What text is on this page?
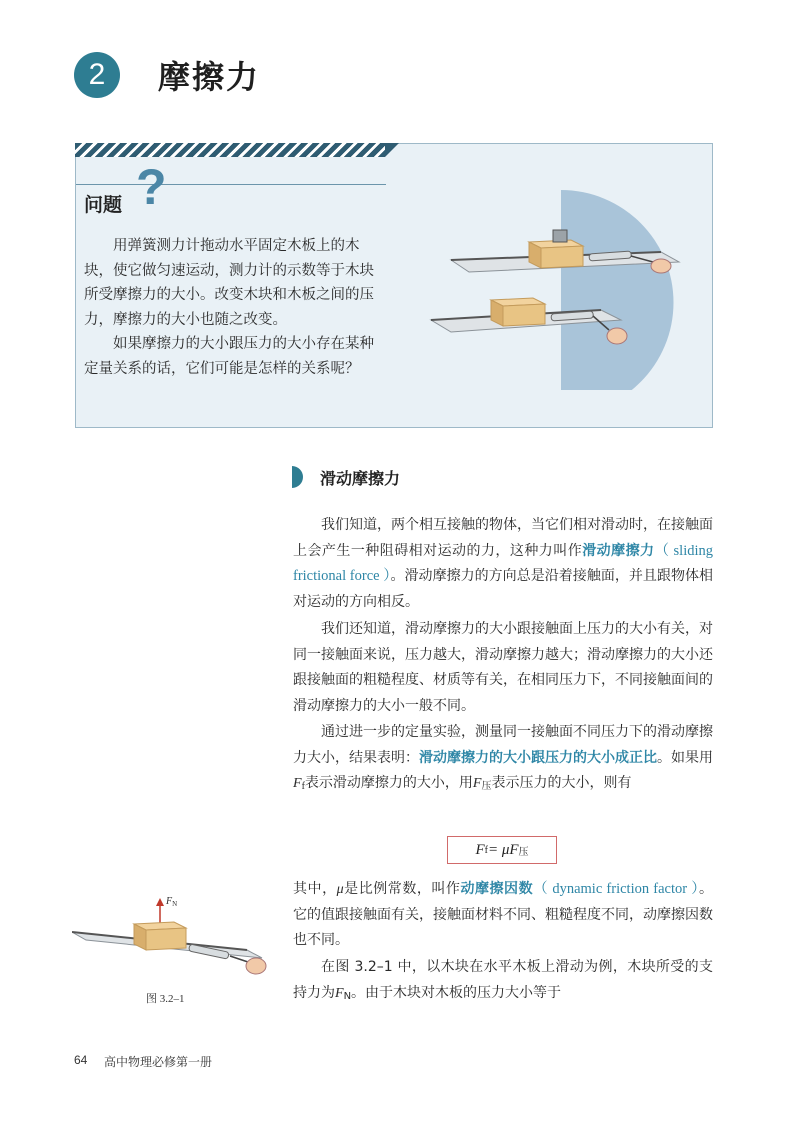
2	摩擦力
问题 ?

用弹簧测力计拖动水平固定木板上的木块，使它做匀速运动，测力计的示数等于木块所受摩擦力的大小。改变木块和木板之间的压力，摩擦力的大小也随之改变。

如果摩擦力的大小跟压力的大小存在某种定量关系的话，它们可能是怎样的关系呢？

滑动摩擦力
我们知道，两个相互接触的物体，当它们相对滑动时，在接触面上会产生一种阻碍相对运动的力，这种力叫作滑动摩擦力（ sliding frictional force ）。滑动摩擦力的方向总是沿着接触面，并且跟物体相对运动的方向相反。
我们还知道，滑动摩擦力的大小跟接触面上压力的大小有关，对同一接触面来说，压力越大，滑动摩擦力越大；滑动摩擦力的大小还跟接触面的粗糙程度、材质等有关，在相同压力下，不同接触面间的滑动摩擦力的大小一般不同。
通过进一步的定量实验，测量同一接触面不同压力下的滑动摩擦力大小，结果表明：滑动摩擦力的大小跟压力的大小成正比。如果用$F_f$表示滑动摩擦力的大小，用$F_压$表示压力的大小，则有
F f = μF 压
其中，μ是比例常数，叫作动摩擦因数（ dynamic friction factor ）。它的值跟接触面有关，接触面材料不同、粗糙程度不同，动摩擦因数也不同。
在图 3.2–1 中，以木块在水平木板上滑动为例，木块所受的支持力为$F_N$。由于木块对木板的压力大小等于
$F_N$
图 3.2–1
64 高中物理必修第一册
